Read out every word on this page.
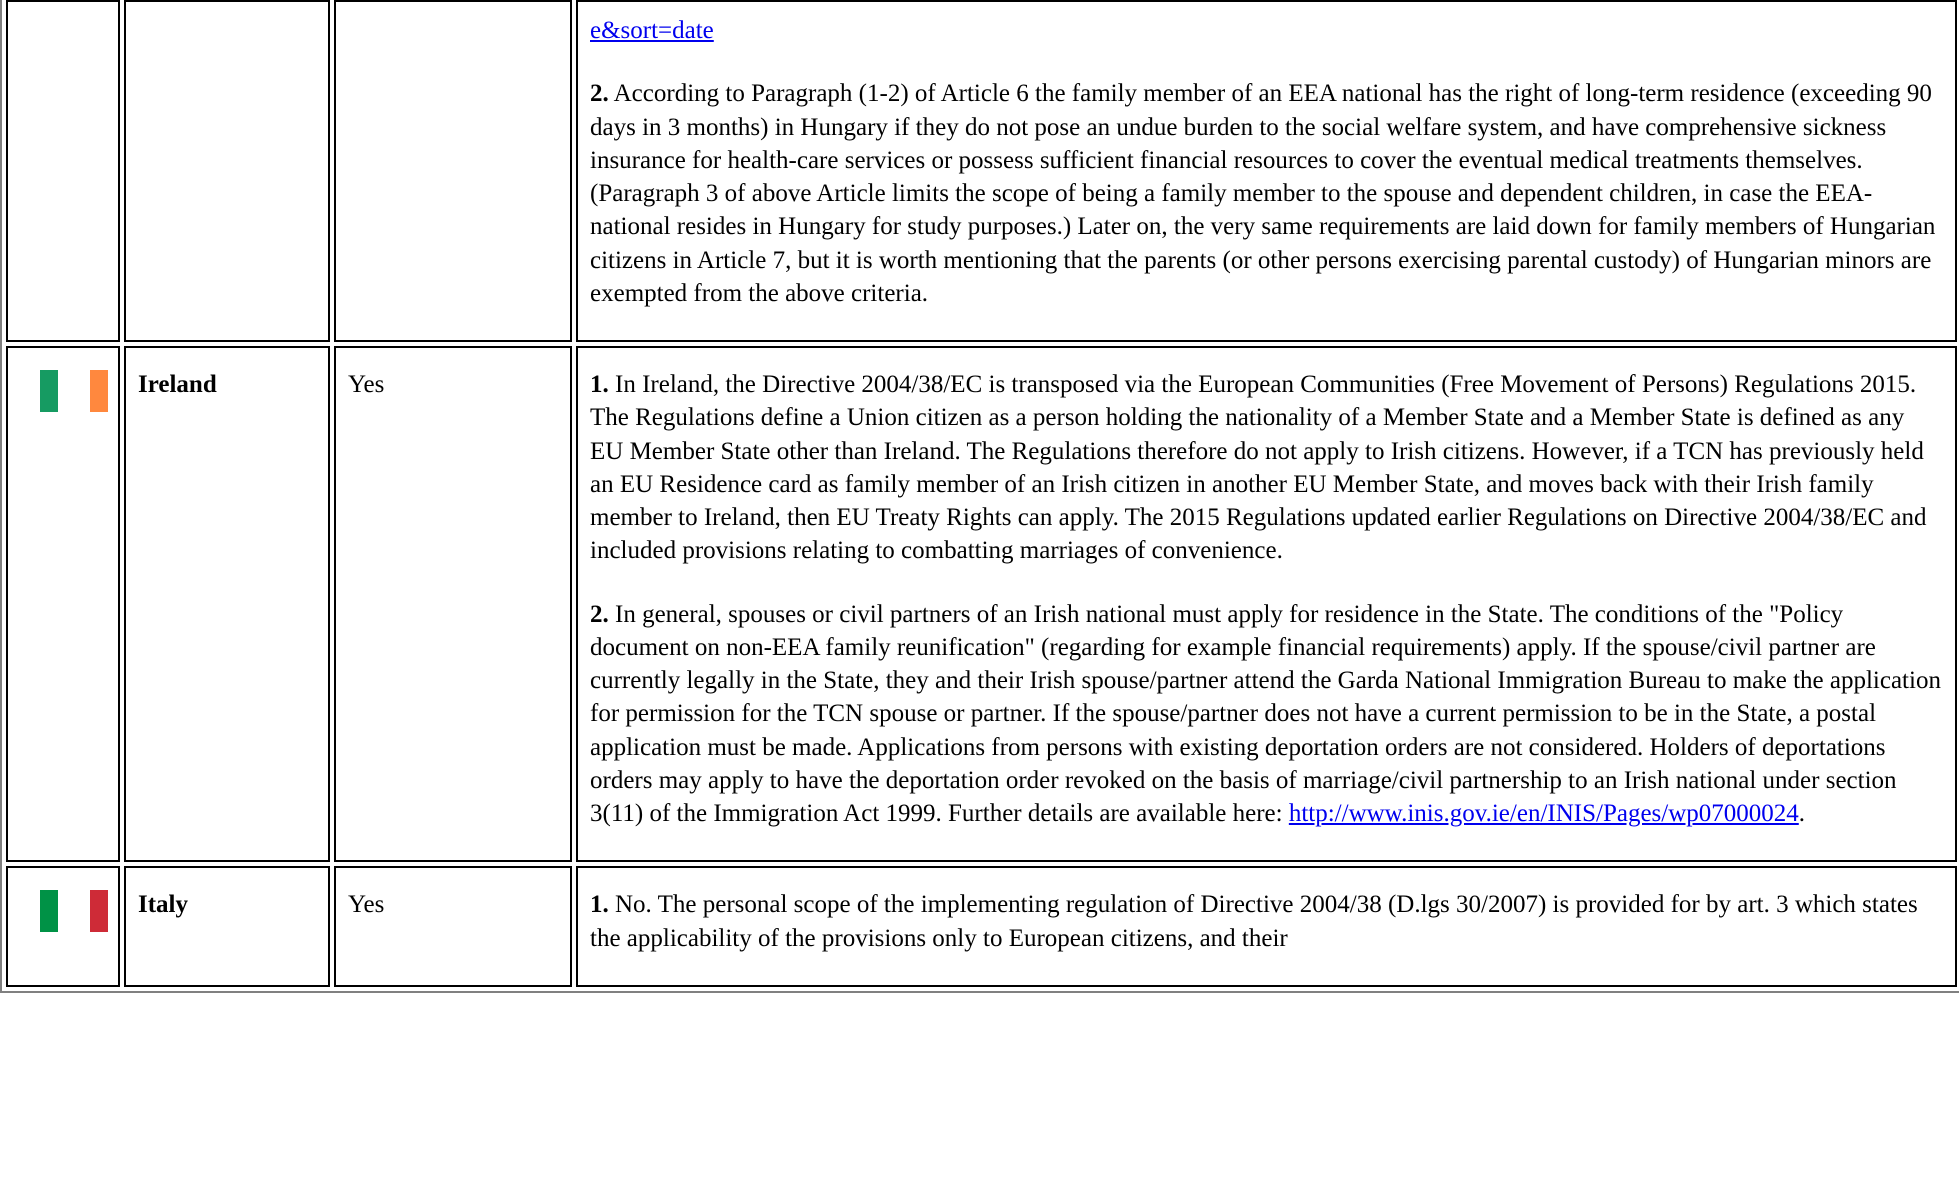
			e&sort=date

2. According to Paragraph (1-2) of Article 6 the family member of an EEA national has the right of long-term residence (exceeding 90 days in 3 months) in Hungary if they do not pose an undue burden to the social welfare system, and have comprehensive sickness insurance for health-care services or possess sufficient financial resources to cover the eventual medical treatments themselves. (Paragraph 3 of above Article limits the scope of being a family member to the spouse and dependent children, in case the EEA-national resides in Hungary for study purposes.) Later on, the very same requirements are laid down for family members of Hungarian citizens in Article 7, but it is worth mentioning that the parents (or other persons exercising parental custody) of Hungarian minors are exempted from the above criteria.

	Ireland	Yes	1. In Ireland, the Directive 2004/38/EC is transposed via the European Communities (Free Movement of Persons) Regulations 2015. The Regulations define a Union citizen as a person holding the nationality of a Member State and a Member State is defined as any EU Member State other than Ireland. The Regulations therefore do not apply to Irish citizens. However, if a TCN has previously held an EU Residence card as family member of an Irish citizen in another EU Member State, and moves back with their Irish family member to Ireland, then EU Treaty Rights can apply. The 2015 Regulations updated earlier Regulations on Directive 2004/38/EC and included provisions relating to combatting marriages of convenience.

2. In general, spouses or civil partners of an Irish national must apply for residence in the State. The conditions of the "Policy document on non-EEA family reunification" (regarding for example financial requirements) apply. If the spouse/civil partner are currently legally in the State, they and their Irish spouse/partner attend the Garda National Immigration Bureau to make the application for permission for the TCN spouse or partner. If the spouse/partner does not have a current permission to be in the State, a postal application must be made. Applications from persons with existing deportation orders are not considered. Holders of deportations orders may apply to have the deportation order revoked on the basis of marriage/civil partnership to an Irish national under section 3(11) of the Immigration Act 1999. Further details are available here: http://www.inis.gov.ie/en/INIS/Pages/wp07000024.

	Italy	Yes	1. No. The personal scope of the implementing regulation of Directive 2004/38 (D.lgs 30/2007) is provided for by art. 3 which states the applicability of the provisions only to European citizens, and their
